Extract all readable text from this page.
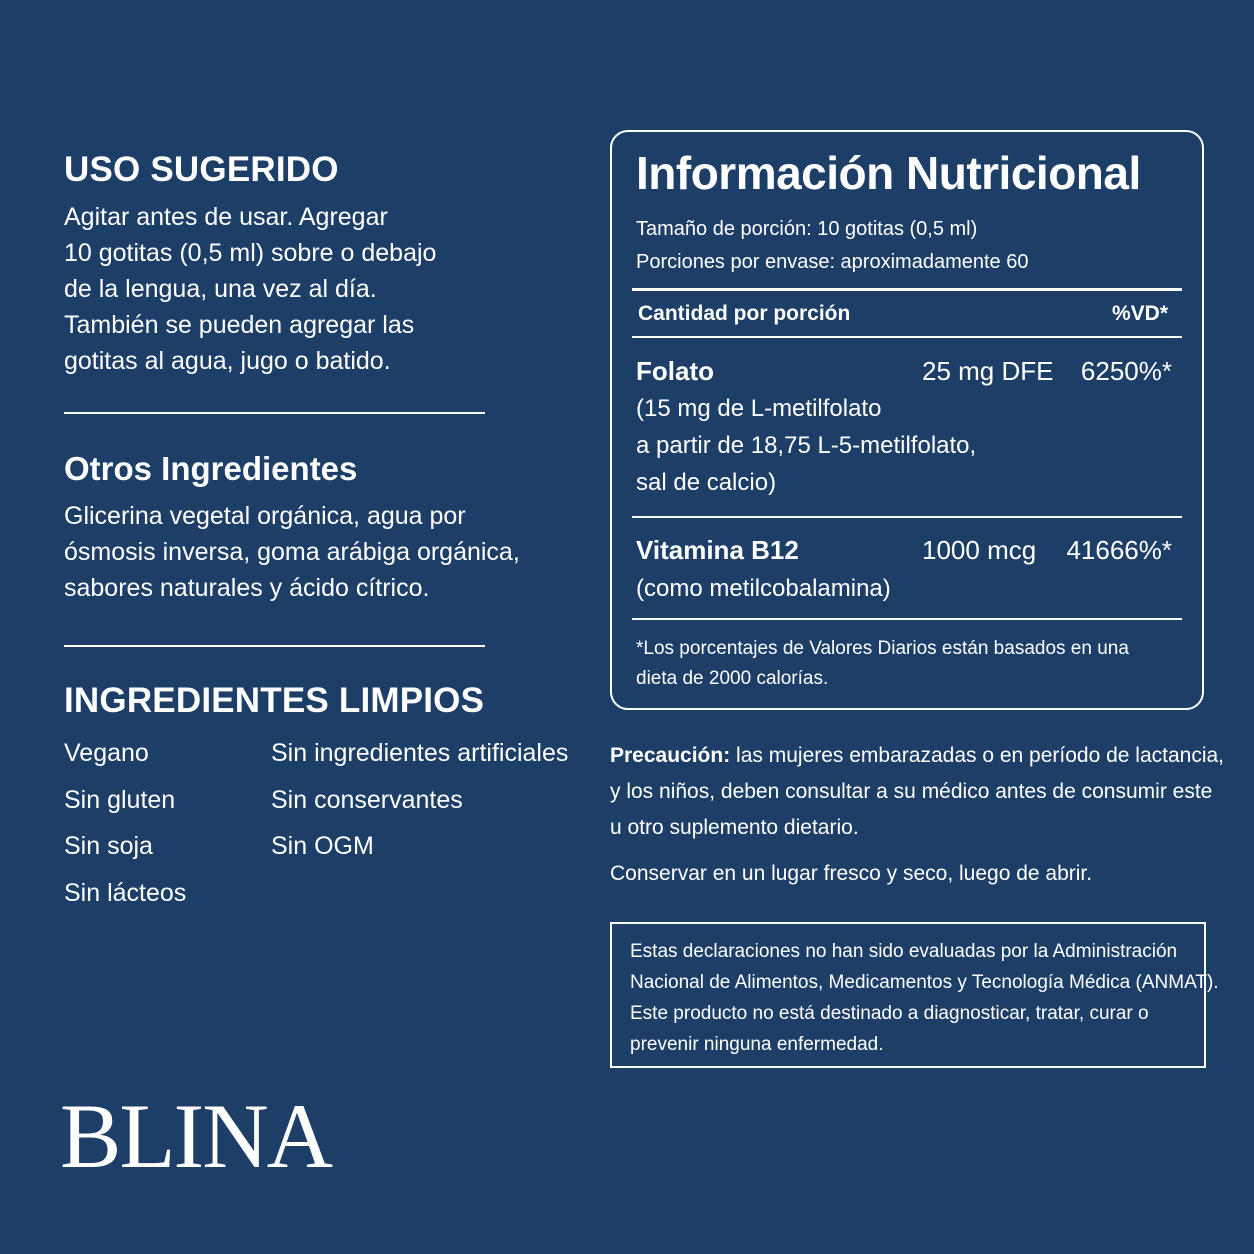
USO SUGERIDO

Agitar antes de usar. Agregar
10 gotitas (0,5 ml) sobre o debajo
de la lengua, una vez al día.
También se pueden agregar las
gotitas al agua, jugo o batido.

Otros Ingredientes

Glicerina vegetal orgánica, agua por
ósmosis inversa, goma arábiga orgánica,
sabores naturales y ácido cítrico.

INGREDIENTES LIMPIOS
Vegano
Sin gluten
Sin soja
Sin lácteos
Sin ingredientes artificiales
Sin conservantes
Sin OGM
BLINA
Información Nutricional
Tamaño de porción: 10 gotitas (0,5 ml)
Porciones por envase: aproximadamente 60
Cantidad por porción	%VD*
Folato	25 mg DFE 6250%*
(15 mg de L-metilfolato
a partir de 18,75 L-5-metilfolato,
sal de calcio)
Vitamina B12	1000 mcg 41666%*
(como metilcobalamina)
*Los porcentajes de Valores Diarios están basados en una
dieta de 2000 calorías.
Precaución: las mujeres embarazadas o en período de lactancia,
y los niños, deben consultar a su médico antes de consumir este
u otro suplemento dietario.
Conservar en un lugar fresco y seco, luego de abrir.
Estas declaraciones no han sido evaluadas por la Administración
Nacional de Alimentos, Medicamentos y Tecnología Médica (ANMAT).
Este producto no está destinado a diagnosticar, tratar, curar o
prevenir ninguna enfermedad.
